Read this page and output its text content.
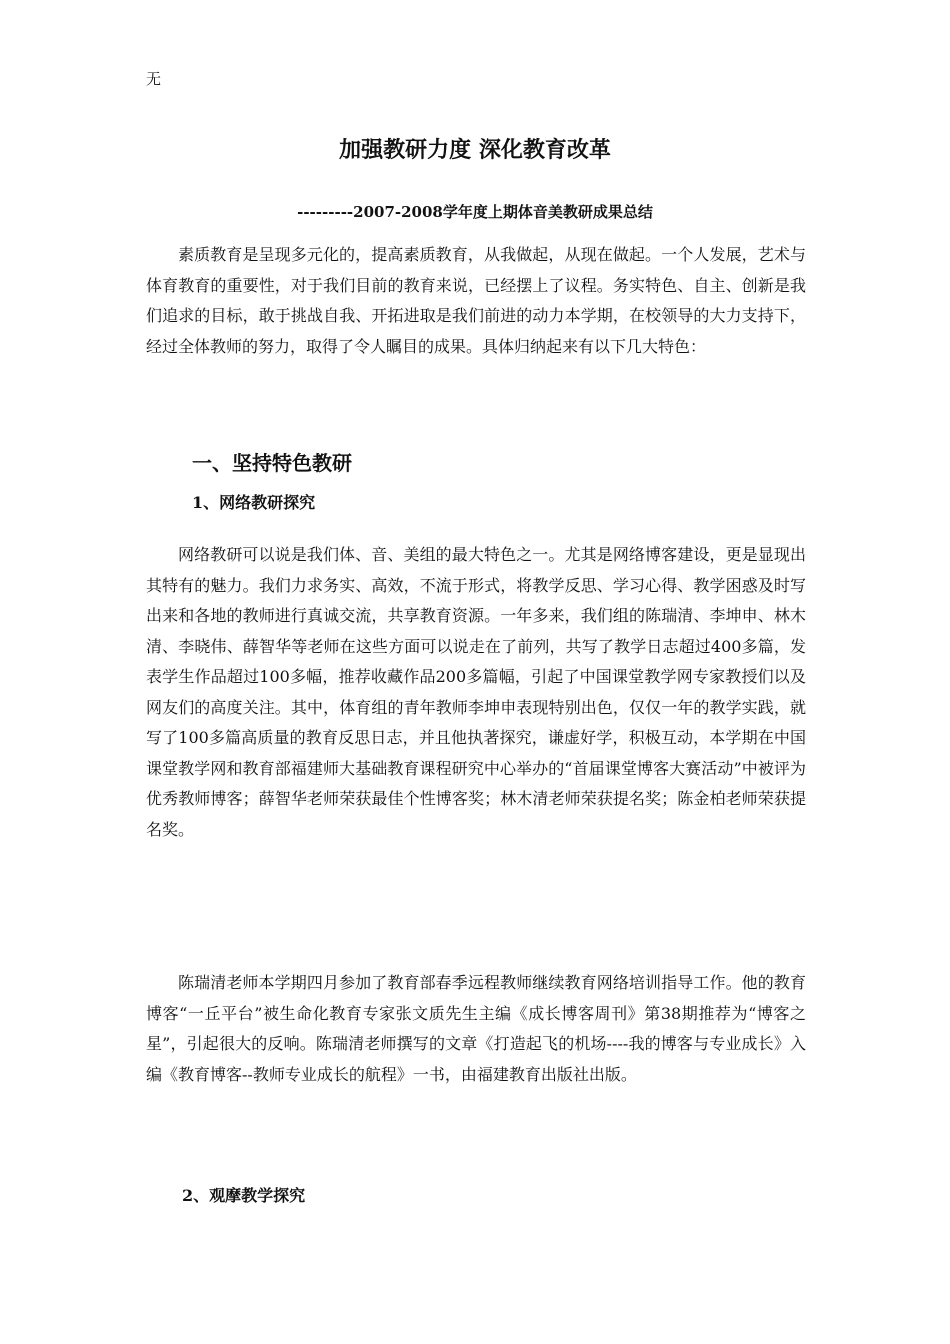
无
加强教研力度 深化教育改革
---------2007-2008学年度上期体音美教研成果总结

素质教育是呈现多元化的，提高素质教育，从我做起，从现在做起。一个人发展，艺术与体育教育的重要性，对于我们目前的教育来说，已经摆上了议程。务实特色、自主、创新是我们追求的目标，敢于挑战自我、开拓进取是我们前进的动力本学期，在校领导的大力支持下，经过全体教师的努力，取得了令人瞩目的成果。具体归纳起来有以下几大特色：

一、坚持特色教研
1、网络教研探究

网络教研可以说是我们体、音、美组的最大特色之一。尤其是网络博客建设，更是显现出其特有的魅力。我们力求务实、高效，不流于形式，将教学反思、学习心得、教学困惑及时写出来和各地的教师进行真诚交流，共享教育资源。一年多来，我们组的陈瑞清、李坤申、林木清、李晓伟、薛智华等老师在这些方面可以说走在了前列，共写了教学日志超过400多篇，发表学生作品超过100多幅，推荐收藏作品200多篇幅，引起了中国课堂教学网专家教授们以及网友们的高度关注。其中，体育组的青年教师李坤申表现特别出色，仅仅一年的教学实践，就写了100多篇高质量的教育反思日志，并且他执著探究，谦虚好学，积极互动，本学期在中国课堂教学网和教育部福建师大基础教育课程研究中心举办的“首届课堂博客大赛活动”中被评为优秀教师博客；薛智华老师荣获最佳个性博客奖；林木清老师荣获提名奖；陈金柏老师荣获提名奖。

陈瑞清老师本学期四月参加了教育部春季远程教师继续教育网络培训指导工作。他的教育博客“一丘平台”被生命化教育专家张文质先生主编《成长博客周刊》第38期推荐为“博客之星”，引起很大的反响。陈瑞清老师撰写的文章《打造起飞的机场----我的博客与专业成长》入编《教育博客--教师专业成长的航程》一书，由福建教育出版社出版。

2、观摩教学探究
